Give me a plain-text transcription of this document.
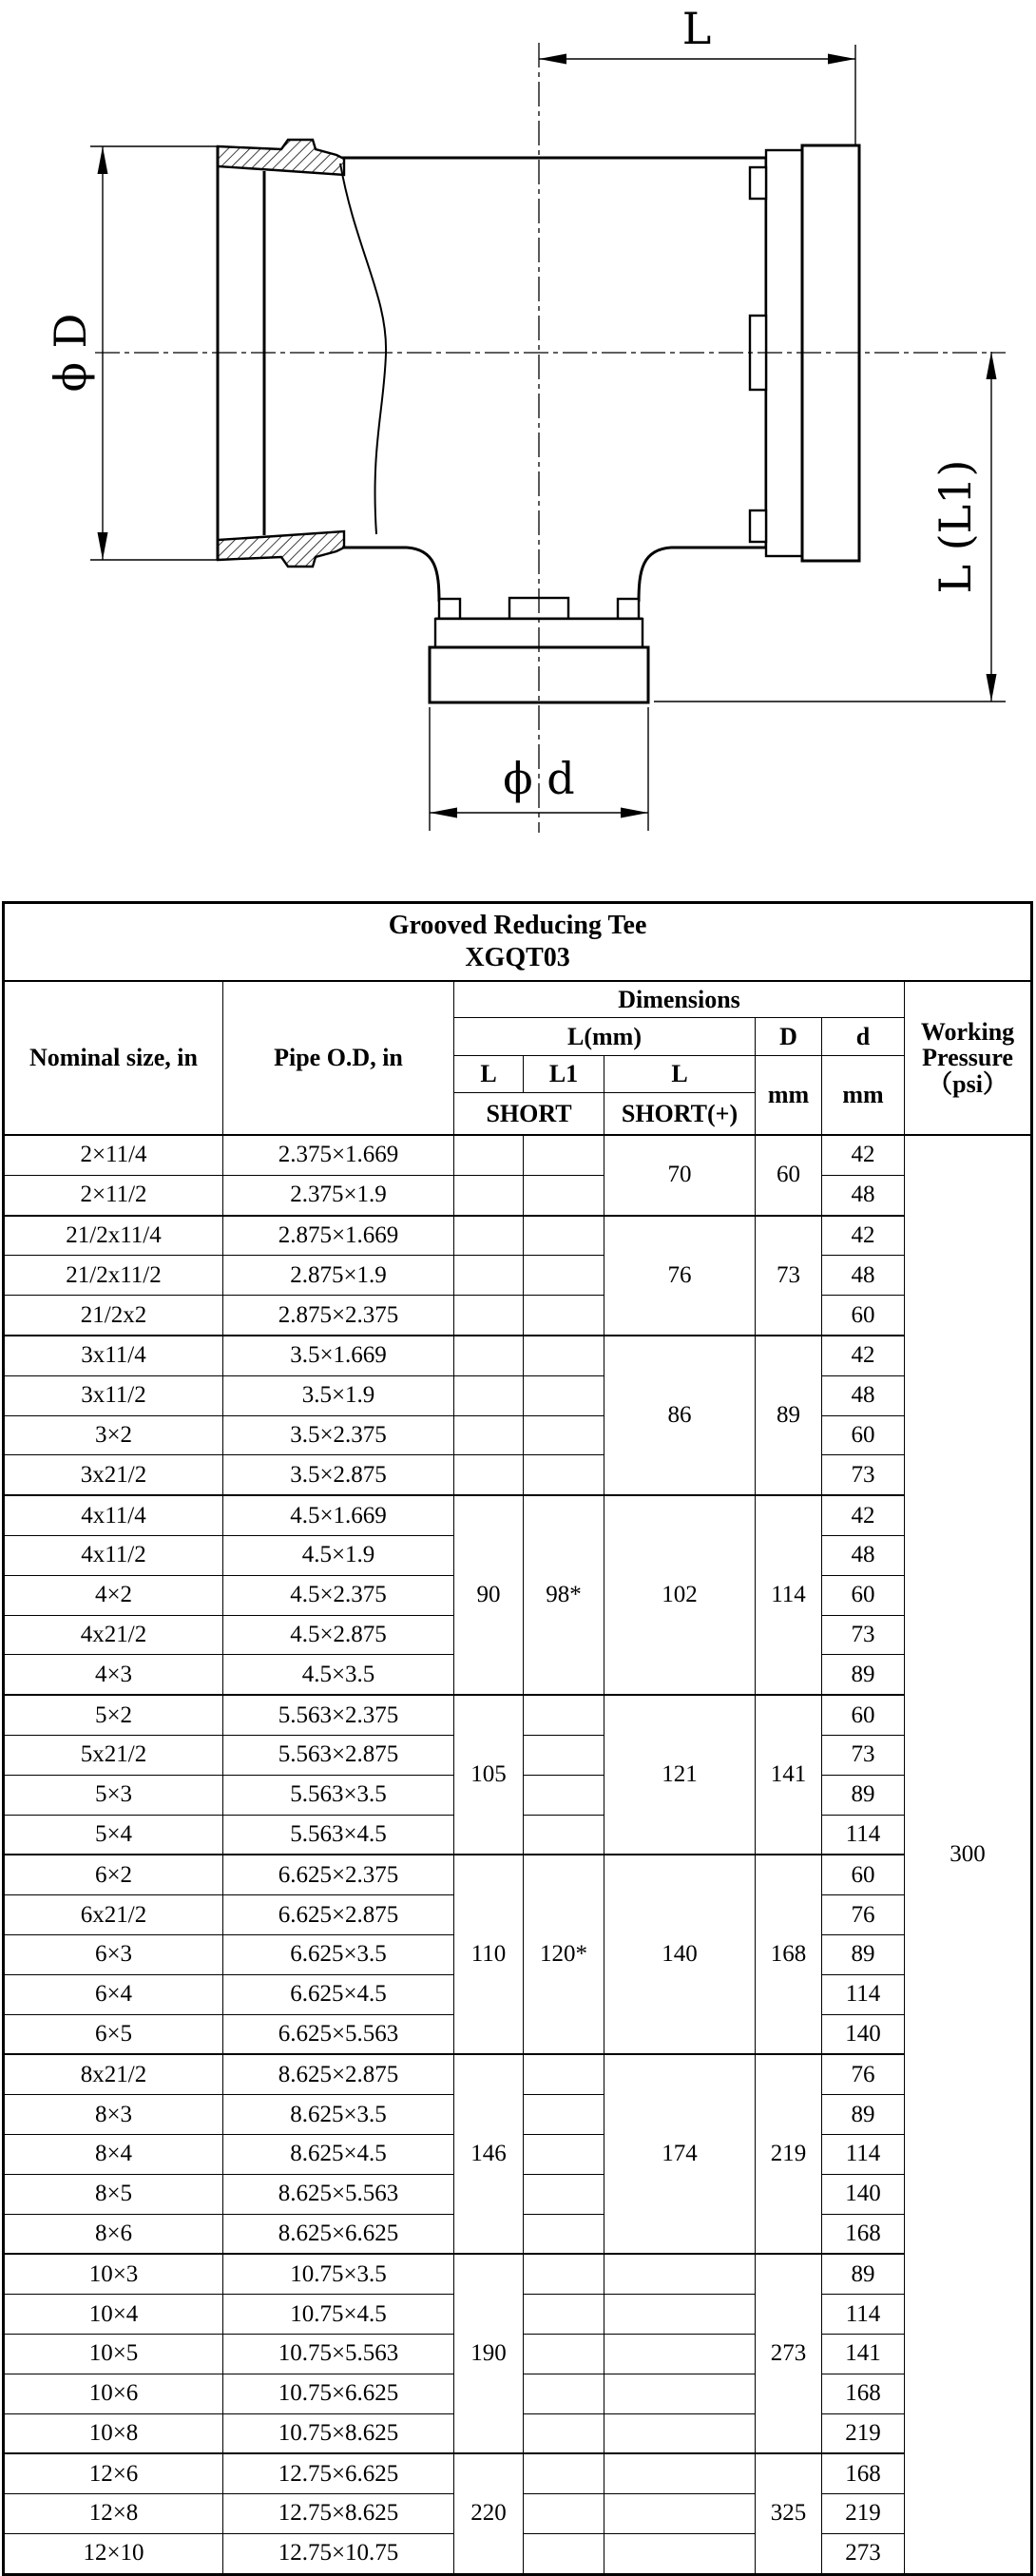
L
ϕ D
L (L1)
ϕ d
Grooved Reducing Tee
XGQT03							

Nominal size, in	Pipe O.D, in	Dimensions					Working Pressure（psi）
		L(mm)			D	d	
		L	L1	L	mm	mm	
		SHORT		SHORT(+)			
2×11/4	2.375×1.669			70	60	42	300
2×11/2	2.375×1.9					48	
21/2x11/4	2.875×1.669			76	73	42	
21/2x11/2	2.875×1.9					48	
21/2x2	2.875×2.375					60	
3x11/4	3.5×1.669			86	89	42	
3x11/2	3.5×1.9					48	
3×2	3.5×2.375					60	
3x21/2	3.5×2.875					73	
4x11/4	4.5×1.669	90	98*	102	114	42	
4x11/2	4.5×1.9					48	
4×2	4.5×2.375					60	
4x21/2	4.5×2.875					73	
4×3	4.5×3.5					89	
5×2	5.563×2.375	105		121	141	60	
5x21/2	5.563×2.875					73	
5×3	5.563×3.5					89	
5×4	5.563×4.5					114	
6×2	6.625×2.375	110	120*	140	168	60	
6x21/2	6.625×2.875					76	
6×3	6.625×3.5					89	
6×4	6.625×4.5					114	
6×5	6.625×5.563					140	
8x21/2	8.625×2.875	146		174	219	76	
8×3	8.625×3.5					89	
8×4	8.625×4.5					114	
8×5	8.625×5.563					140	
8×6	8.625×6.625					168	
10×3	10.75×3.5	190			273	89	
10×4	10.75×4.5					114	
10×5	10.75×5.563					141	
10×6	10.75×6.625					168	
10×8	10.75×8.625					219	
12×6	12.75×6.625	220			325	168	
12×8	12.75×8.625					219	
12×10	12.75×10.75					273	
